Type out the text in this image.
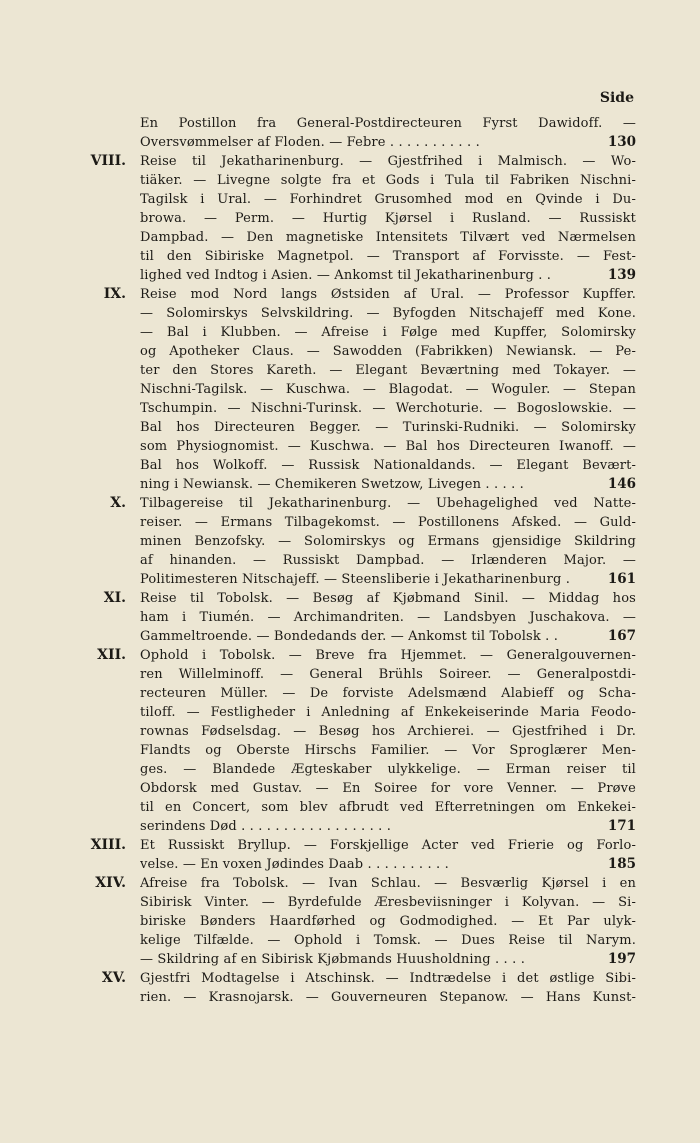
Side
En Postillon fra General-Postdirecteuren Fyrst Dawidoff. —
Oversvømmelser af Floden. — Febre . . . . . . . . . . .	130
VIII. Reise til Jekatharinenburg. — Gjestfrihed i Malmisch. — Wo-
tiäker. — Livegne solgte fra et Gods i Tula til Fabriken Nischni-
Tagilsk i Ural. — Forhindret Grusomhed mod en Qvinde i Du-
browa. — Perm. — Hurtig Kjørsel i Rusland. — Russiskt
Dampbad. — Den magnetiske Intensitets Tilvært ved Nærmelsen
til den Sibiriske Magnetpol. — Transport af Forvisste. — Fest-
lighed ved Indtog i Asien. — Ankomst til Jekatharinenburg . .	139
IX. Reise mod Nord langs Østsiden af Ural. — Professor Kupffer.
— Solomirskys Selvskildring. — Byfogden Nitschajeff med Kone.
— Bal i Klubben. — Afreise i Følge med Kupffer, Solomirsky
og Apotheker Claus. — Sawodden (Fabrikken) Newiansk. — Pe-
ter den Stores Kareth. — Elegant Beværtning med Tokayer. —
Nischni-Tagilsk. — Kuschwa. — Blagodat. — Woguler. — Stepan
Tschumpin. — Nischni-Turinsk. — Werchoturie. — Bogoslowskie. —
Bal hos Directeuren Begger. — Turinski-Rudniki. — Solomirsky
som Physiognomist. — Kuschwa. — Bal hos Directeuren Iwanoff. —
Bal hos Wolkoff. — Russisk Nationaldands. — Elegant Bevært-
ning i Newiansk. — Chemikeren Swetzow, Livegen . . . . .	146
X. Tilbagereise til Jekatharinenburg. — Ubehagelighed ved Natte-
reiser. — Ermans Tilbagekomst. — Postillonens Afsked. — Guld-
minen Benzofsky. — Solomirskys og Ermans gjensidige Skildring
af hinanden. — Russiskt Dampbad. — Irlænderen Major. —
Politimesteren Nitschajeff. — Steensliberie i Jekatharinenburg .	161
XI. Reise til Tobolsk. — Besøg af Kjøbmand Sinil. — Middag hos
ham i Tiumén. — Archimandriten. — Landsbyen Juschakova. —
Gammeltroende. — Bondedands der. — Ankomst til Tobolsk . .	167
XII. Ophold i Tobolsk. — Breve fra Hjemmet. — Generalgouvernen-
ren Willelminoff. — General Brühls Soireer. — Generalpostdi-
recteuren Müller. — De forviste Adelsmænd Alabieff og Scha-
tiloff. — Festligheder i Anledning af Enkekeiserinde Maria Feodo-
rownas Fødselsdag. — Besøg hos Archierei. — Gjestfrihed i Dr.
Flandts og Oberste Hirschs Familier. — Vor Sproglærer Men-
ges. — Blandede Ægteskaber ulykkelige. — Erman reiser til
Obdorsk med Gustav. — En Soiree for vore Venner. — Prøve
til en Concert, som blev afbrudt ved Efterretningen om Enkekei-
serindens Død . . . . . . . . . . . . . . . . . .	171
XIII. Et Russiskt Bryllup. — Forskjellige Acter ved Frierie og Forlo-
velse. — En voxen Jødindes Daab . . . . . . . . . .	185
XIV. Afreise fra Tobolsk. — Ivan Schlau. — Besværlig Kjørsel i en
Sibirisk Vinter. — Byrdefulde Æresbeviisninger i Kolyvan. — Si-
biriske Bønders Haardførhed og Godmodighed. — Et Par ulyk-
kelige Tilfælde. — Ophold i Tomsk. — Dues Reise til Narym.
— Skildring af en Sibirisk Kjøbmands Huusholdning . . . .	197
XV. Gjestfri Modtagelse i Atschinsk. — Indtrædelse i det østlige Sibi-
rien. — Krasnojarsk. — Gouverneuren Stepanow. — Hans Kunst-
